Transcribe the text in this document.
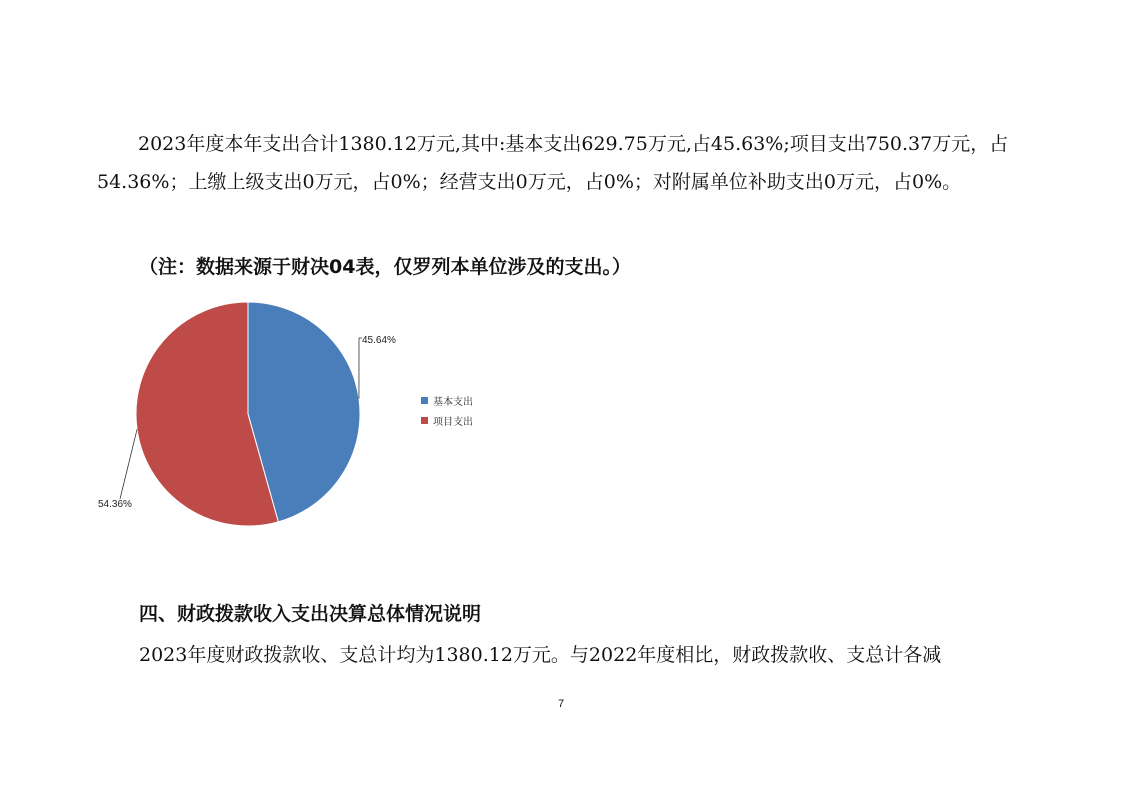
2023年度本年支出合计1380.12万元,其中:基本支出629.75万元,占45.63%;项目支出750.37万元，占54.36%；上缴上级支出0万元，占0%；经营支出0万元，占0%；对附属单位补助支出0万元，占0%。

（注：数据来源于财决04表，仅罗列本单位涉及的支出。）

45.64%
54.36%
基本支出
项目支出

四、财政拨款收入支出决算总体情况说明

2023年度财政拨款收、支总计均为1380.12万元。与2022年度相比，财政拨款收、支总计各减

7
